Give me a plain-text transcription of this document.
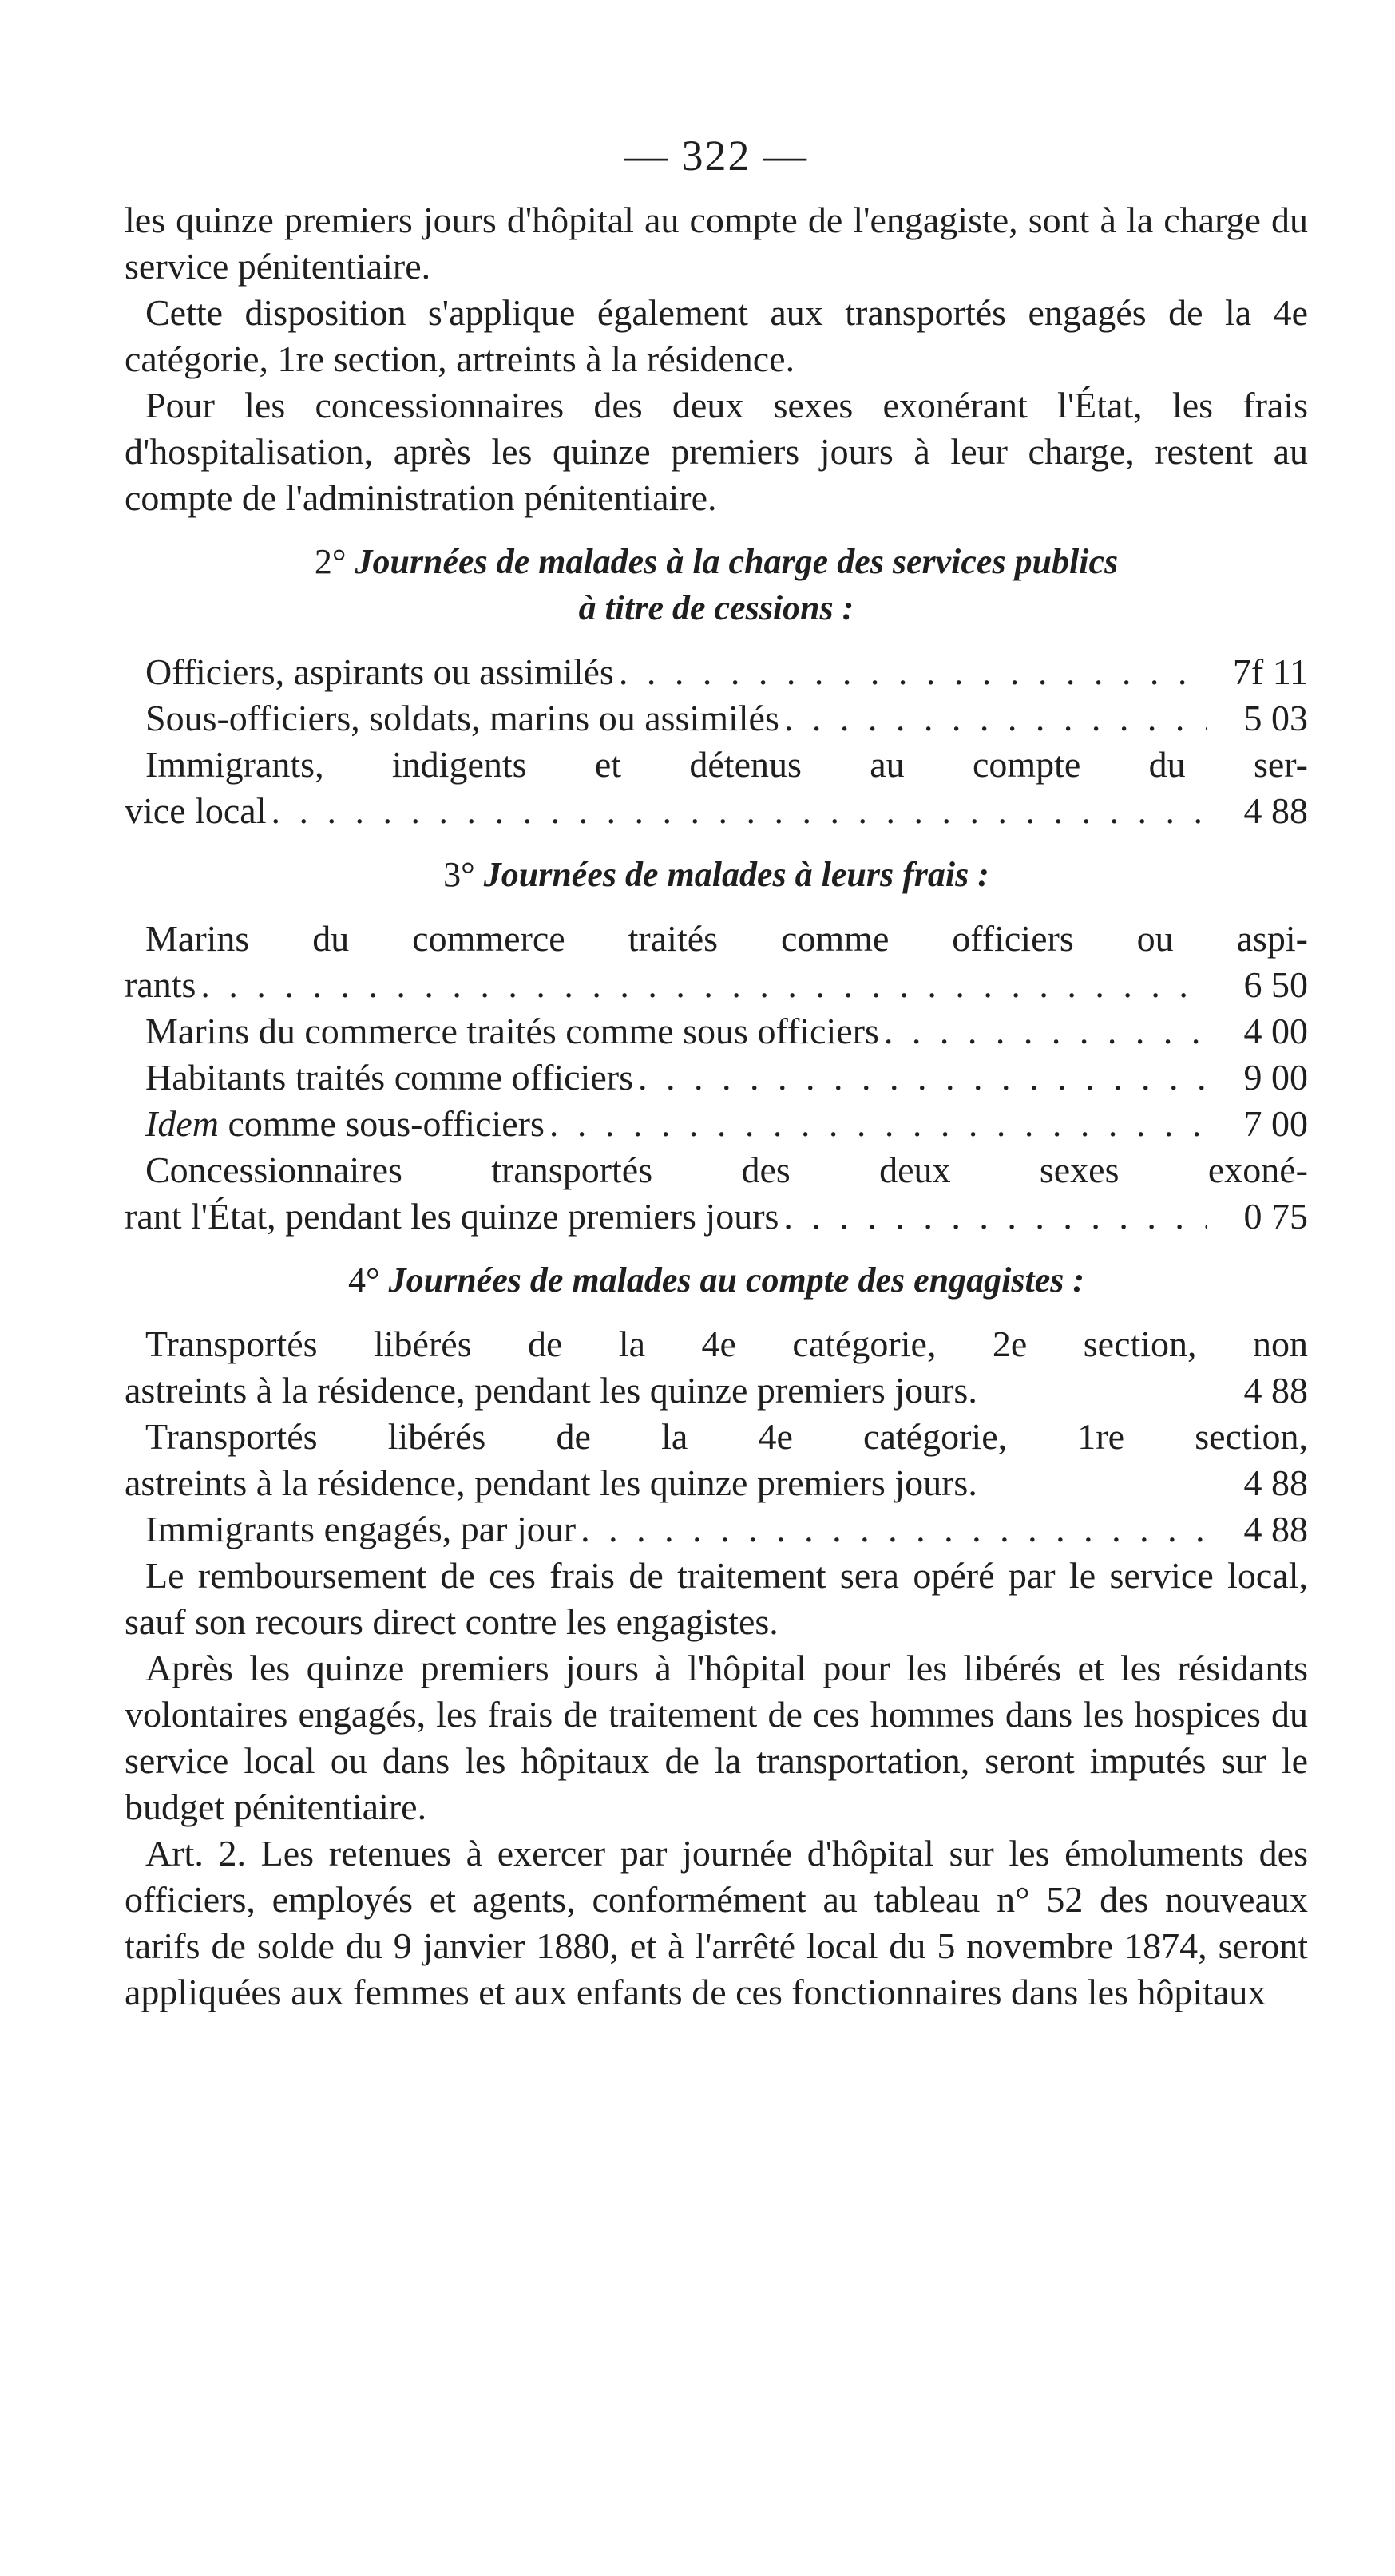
— 322 —

les quinze premiers jours d'hôpital au compte de l'engagiste, sont à la charge du service pénitentiaire.

Cette disposition s'applique également aux transportés engagés de la 4e catégorie, 1re section, artreints à la résidence.

Pour les concessionnaires des deux sexes exonérant l'État, les frais d'hospitalisation, après les quinze premiers jours à leur charge, restent au compte de l'administration pénitentiaire.

2° Journées de malades à la charge des services publics
à titre de cessions :
Officiers, aspirants ou assimilés . . .	7f 11
Sous-officiers, soldats, marins ou assimilés . . .	5 03
Immigrants, indigents et détenus au compte du ser-
vice local . . .	4 88
3° Journées de malades à leurs frais :
Marins du commerce traités comme officiers ou aspi-
rants . . .	6 50
Marins du commerce traités comme sous officiers . . .	4 00
Habitants traités comme officiers . . .	9 00
Idem comme sous-officiers . . .	7 00
Concessionnaires transportés des deux sexes exoné-
rant l'État, pendant les quinze premiers jours . . .	0 75
4° Journées de malades au compte des engagistes :
Transportés libérés de la 4e catégorie, 2e section, non
astreints à la résidence, pendant les quinze premiers jours.	4 88
Transportés libérés de la 4e catégorie, 1re section,
astreints à la résidence, pendant les quinze premiers jours.	4 88
Immigrants engagés, par jour . . .	4 88

Le remboursement de ces frais de traitement sera opéré par le service local, sauf son recours direct contre les engagistes.

Après les quinze premiers jours à l'hôpital pour les libérés et les résidants volontaires engagés, les frais de traitement de ces hommes dans les hospices du service local ou dans les hôpitaux de la transportation, seront imputés sur le budget pénitentiaire.

Art. 2. Les retenues à exercer par journée d'hôpital sur les émoluments des officiers, employés et agents, conformément au tableau n° 52 des nouveaux tarifs de solde du 9 janvier 1880, et à l'arrêté local du 5 novembre 1874, seront appliquées aux femmes et aux enfants de ces fonctionnaires dans les hôpitaux
